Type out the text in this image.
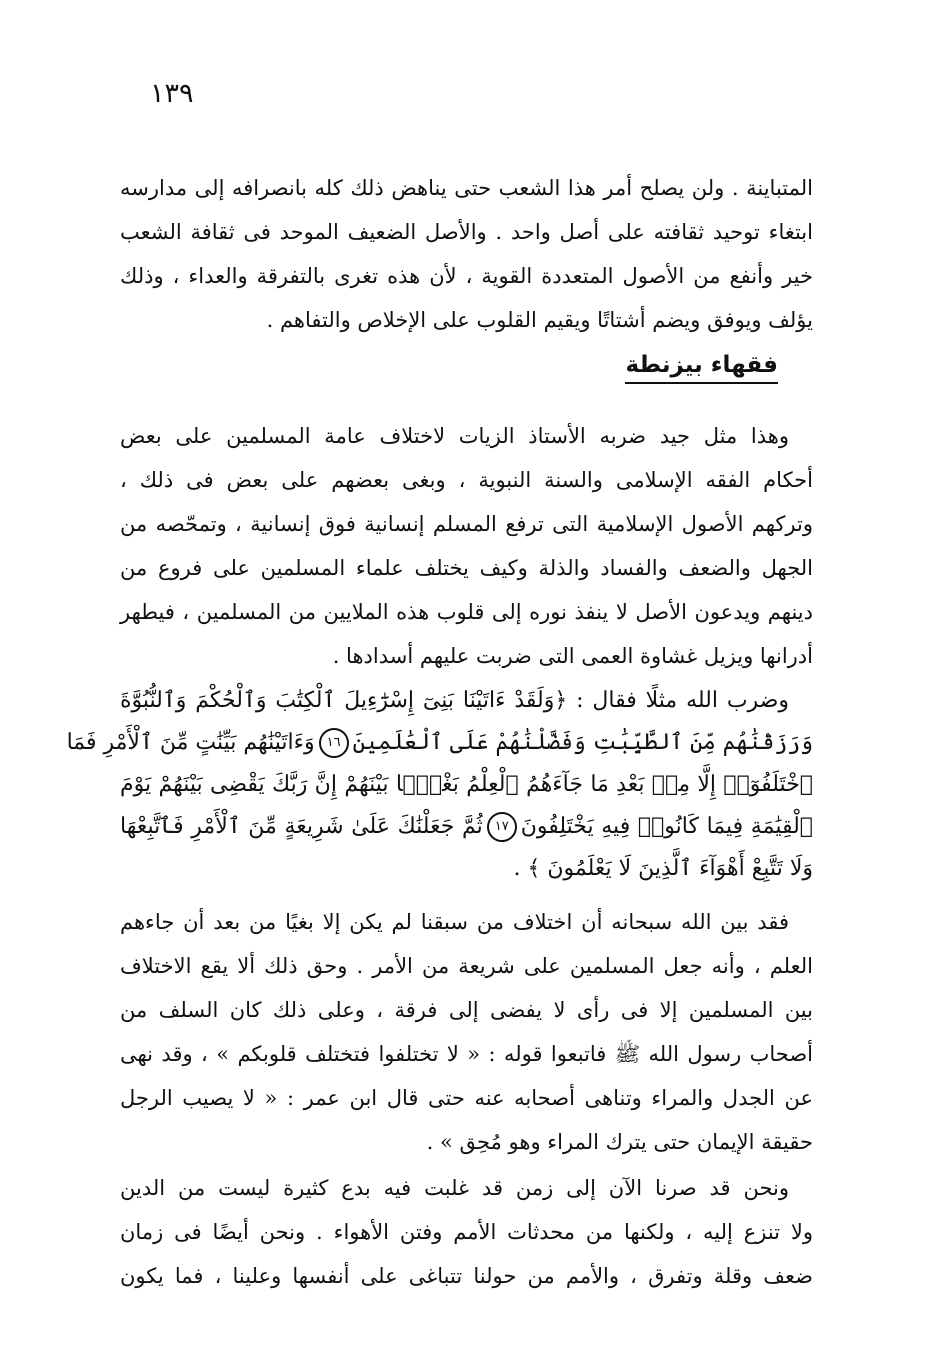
١٣٩
المتباينة . ولن يصلح أمر هذا الشعب حتى يناهض ذلك كله بانصرافه إلى مدارسه
ابتغاء توحيد ثقافته على أصل واحد . والأصل الضعيف الموحد فى ثقافة الشعب
خير وأنفع من الأصول المتعددة القوية ، لأن هذه تغرى بالتفرقة والعداء ، وذلك
يؤلف ويوفق ويضم أشتاتًا ويقيم القلوب على الإخلاص والتفاهم .
فقهاء بيزنطة
وهذا مثل جيد ضربه الأستاذ الزيات لاختلاف عامة المسلمين على بعض
أحكام الفقه الإسلامى والسنة النبوية ، وبغى بعضهم على بعض فى ذلك ،
وتركهم الأصول الإسلامية التى ترفع المسلم إنسانية فوق إنسانية ، وتمحّصه من
الجهل والضعف والفساد والذلة وكيف يختلف علماء المسلمين على فروع من
دينهم ويدعون الأصل لا ينفذ نوره إلى قلوب هذه الملايين من المسلمين ، فيطهر
أدرانها ويزيل غشاوة العمى التى ضربت عليهم أسدادها .
وضرب الله مثلًا فقال : ﴿وَلَقَدْ ءَاتَيْنَا بَنِىٓ إِسْرَٰٓءِيلَ ٱلْكِتَٰبَ وَٱلْحُكْمَ وَٱلنُّبُوَّةَ
وَرَزَقْنَٰهُم مِّنَ ٱلطَّيِّبَٰتِ وَفَضَّلْنَٰهُمْ عَلَى ٱلْعَٰلَمِينَ١٦وَءَاتَيْنَٰهُم بَيِّنَٰتٍ مِّنَ ٱلْأَمْرِ فَمَا
ٱخْتَلَفُوٓا۟ إِلَّا مِنۢ بَعْدِ مَا جَآءَهُمُ ٱلْعِلْمُ بَغْيًۢا بَيْنَهُمْ إِنَّ رَبَّكَ يَقْضِى بَيْنَهُمْ يَوْمَ
ٱلْقِيَٰمَةِ فِيمَا كَانُوا۟ فِيهِ يَخْتَلِفُونَ١٧ثُمَّ جَعَلْنَٰكَ عَلَىٰ شَرِيعَةٍ مِّنَ ٱلْأَمْرِ فَٱتَّبِعْهَا
وَلَا تَتَّبِعْ أَهْوَآءَ ٱلَّذِينَ لَا يَعْلَمُونَ ﴾ .
فقد بين الله سبحانه أن اختلاف من سبقنا لم يكن إلا بغيًا من بعد أن جاءهم
العلم ، وأنه جعل المسلمين على شريعة من الأمر . وحق ذلك ألا يقع الاختلاف
بين المسلمين إلا فى رأى لا يفضى إلى فرقة ، وعلى ذلك كان السلف من
أصحاب رسول الله ﷺ فاتبعوا قوله : « لا تختلفوا فتختلف قلوبكم » ، وقد نهى
عن الجدل والمراء وتناهى أصحابه عنه حتى قال ابن عمر : « لا يصيب الرجل
حقيقة الإيمان حتى يترك المراء وهو مُحِق » .
ونحن قد صرنا الآن إلى زمن قد غلبت فيه بدع كثيرة ليست من الدين
ولا تنزع إليه ، ولكنها من محدثات الأمم وفتن الأهواء . ونحن أيضًا فى زمان
ضعف وقلة وتفرق ، والأمم من حولنا تتباغى على أنفسها وعلينا ، فما يكون
